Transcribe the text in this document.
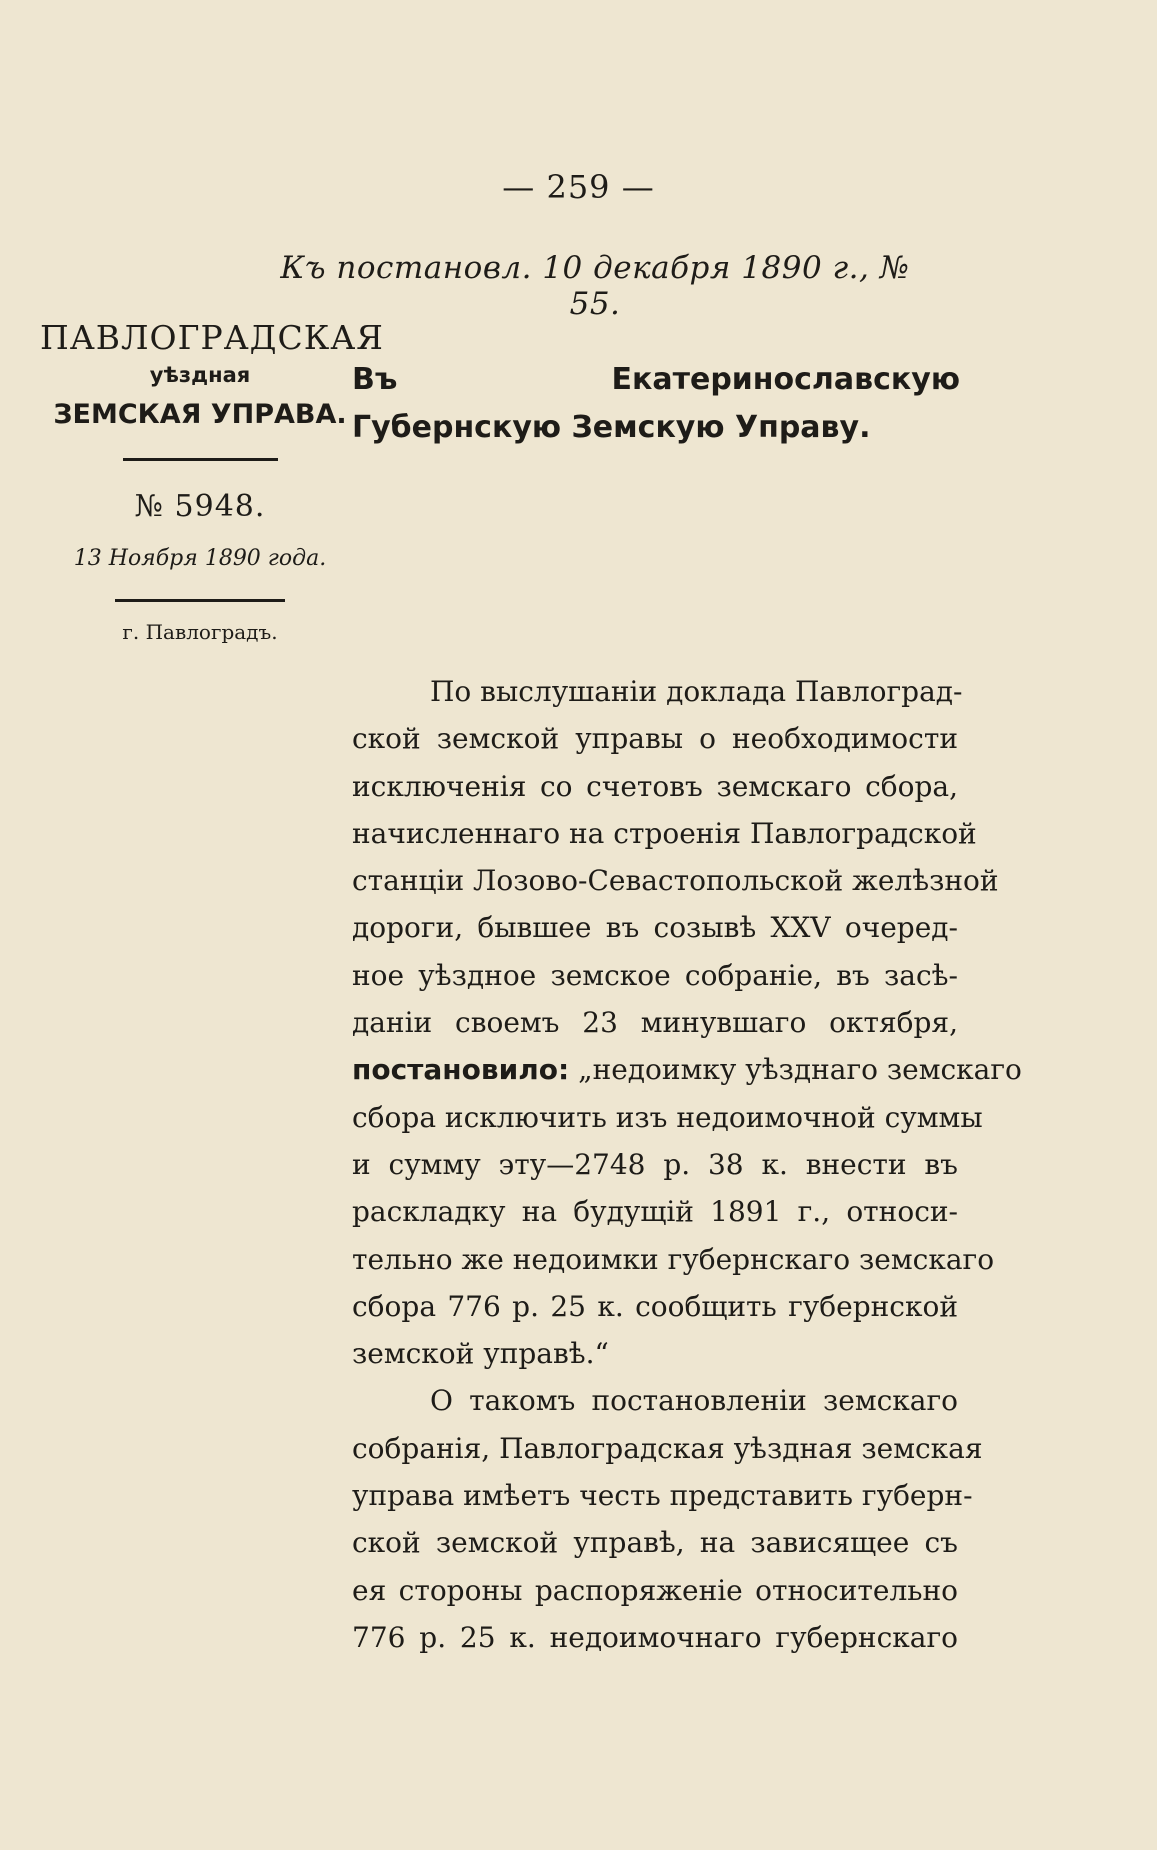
— 259 —
Къ постановл. 10 декабря 1890 г., № 55.
ПАВЛОГРАДСКАЯ
уѣздная
ЗЕМСКАЯ УПРАВА.
№ 5948.
13 Ноября 1890 года.
г. Павлоградъ.
Въ Екатеринославскую Губернскую Земскую Управу.
По выслушаніи доклада Павлоград-
ской земской управы о необходимости
исключенія со счетовъ земскаго сбора,
начисленнаго на строенія Павлоградской
станціи Лозово-Севастопольской желѣзной
дороги, бывшее въ созывѣ XXV очеред-
ное уѣздное земское собраніе, въ засѣ-
даніи своемъ 23 минувшаго октября,
постановило: „недоимку уѣзднаго земскаго
сбора исключить изъ недоимочной суммы
и сумму эту—2748 р. 38 к. внести въ
раскладку на будущій 1891 г., относи-
тельно же недоимки губернскаго земскаго
сбора 776 р. 25 к. сообщить губернской
земской управѣ.“
О такомъ постановленіи земскаго
собранія, Павлоградская уѣздная земская
управа имѣетъ честь представить губерн-
ской земской управѣ, на зависящее съ
ея стороны распоряженіе относительно
776 р. 25 к. недоимочнаго губернскаго
